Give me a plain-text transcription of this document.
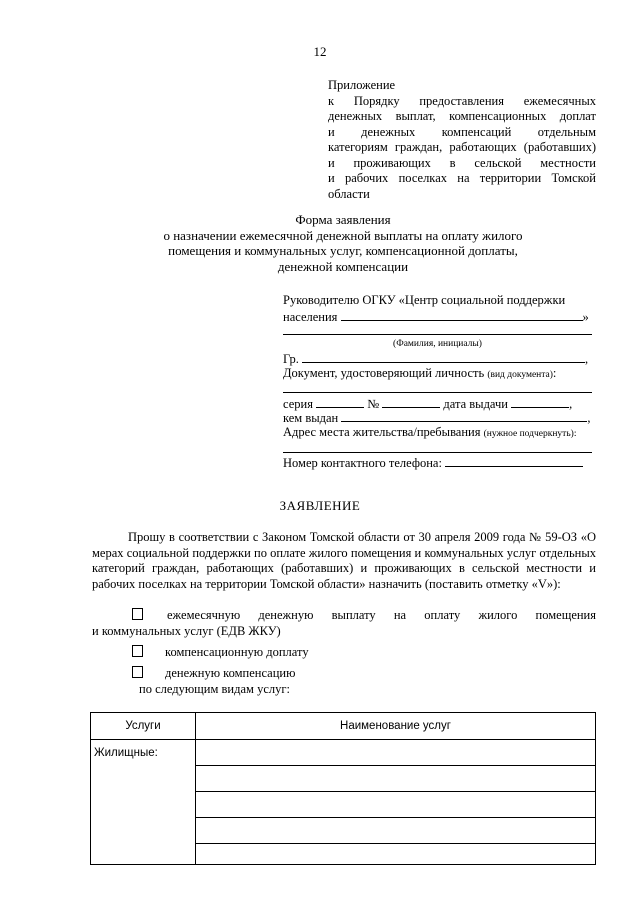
12
Приложение
к Порядку предоставления ежемесячных
денежных выплат, компенсационных доплат
и денежных компенсаций отдельным
категориям граждан, работающих (работавших)
и проживающих в сельской местности
и рабочих поселках на территории Томской
области
Форма заявления
о назначении ежемесячной денежной выплаты на оплату жилого
помещения и коммунальных услуг, компенсационной доплаты,
денежной компенсации
Руководителю ОГКУ «Центр социальной поддержки
населения	»
(Фамилия, инициалы)
Гр.	,
Документ, удостоверяющий личность (вид документа):
серия	№	дата выдачи	,
кем выдан	,
Адрес места жительства/пребывания (нужное подчеркнуть):
Номер контактного телефона:
ЗАЯВЛЕНИЕ
Прошу в соответствии с Законом Томской области от 30 апреля 2009 года № 59-ОЗ «О мерах социальной поддержки по оплате жилого помещения и коммунальных услуг отдельных категорий граждан, работающих (работавших) и проживающих в сельской местности и рабочих поселках на территории Томской области» назначить (поставить отметку «V»):
ежемесячную денежную выплату на оплату жилого помещения
и коммунальных услуг (ЕДВ ЖКУ)
компенсационную доплату
денежную компенсацию
по следующим видам услуг:
Услуги	Наименование услуг
Жилищные:	
